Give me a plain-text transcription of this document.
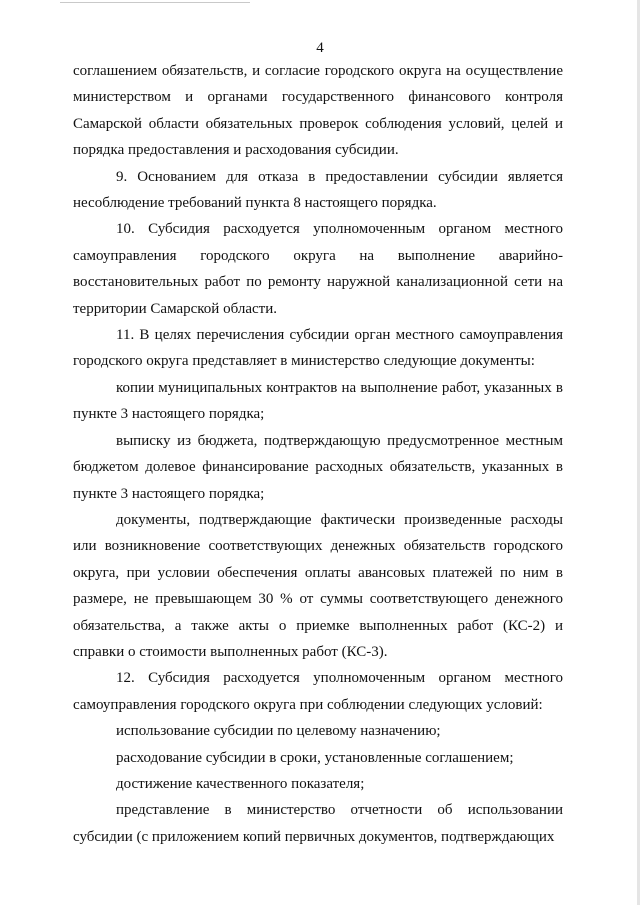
4

соглашением обязательств, и согласие городского округа на осуществление министерством и органами государственного финансового контроля Самарской области обязательных проверок соблюдения условий, целей и порядка предоставления и расходования субсидии.

9. Основанием для отказа в предоставлении субсидии является несоблюдение требований пункта 8 настоящего порядка.

10. Субсидия расходуется уполномоченным органом местного самоуправления городского округа на выполнение аварийно-восстановительных работ по ремонту наружной канализационной сети на территории Самарской области.

11. В целях перечисления субсидии орган местного самоуправления городского округа представляет в министерство следующие документы:

копии муниципальных контрактов на выполнение работ, указанных в пункте 3 настоящего порядка;

выписку из бюджета, подтверждающую предусмотренное местным бюджетом долевое финансирование расходных обязательств, указанных в пункте 3 настоящего порядка;

документы, подтверждающие фактически произведенные расходы или возникновение соответствующих денежных обязательств городского округа, при условии обеспечения оплаты авансовых платежей по ним в размере, не превышающем 30 % от суммы соответствующего денежного обязательства, а также акты о приемке выполненных работ (КС-2) и справки о стоимости выполненных работ (КС-3).

12. Субсидия расходуется уполномоченным органом местного самоуправления городского округа при соблюдении следующих условий:

использование субсидии по целевому назначению;

расходование субсидии в сроки, установленные соглашением;

достижение качественного показателя;

представление в министерство отчетности об использовании субсидии (с приложением копий первичных документов, подтверждающих
